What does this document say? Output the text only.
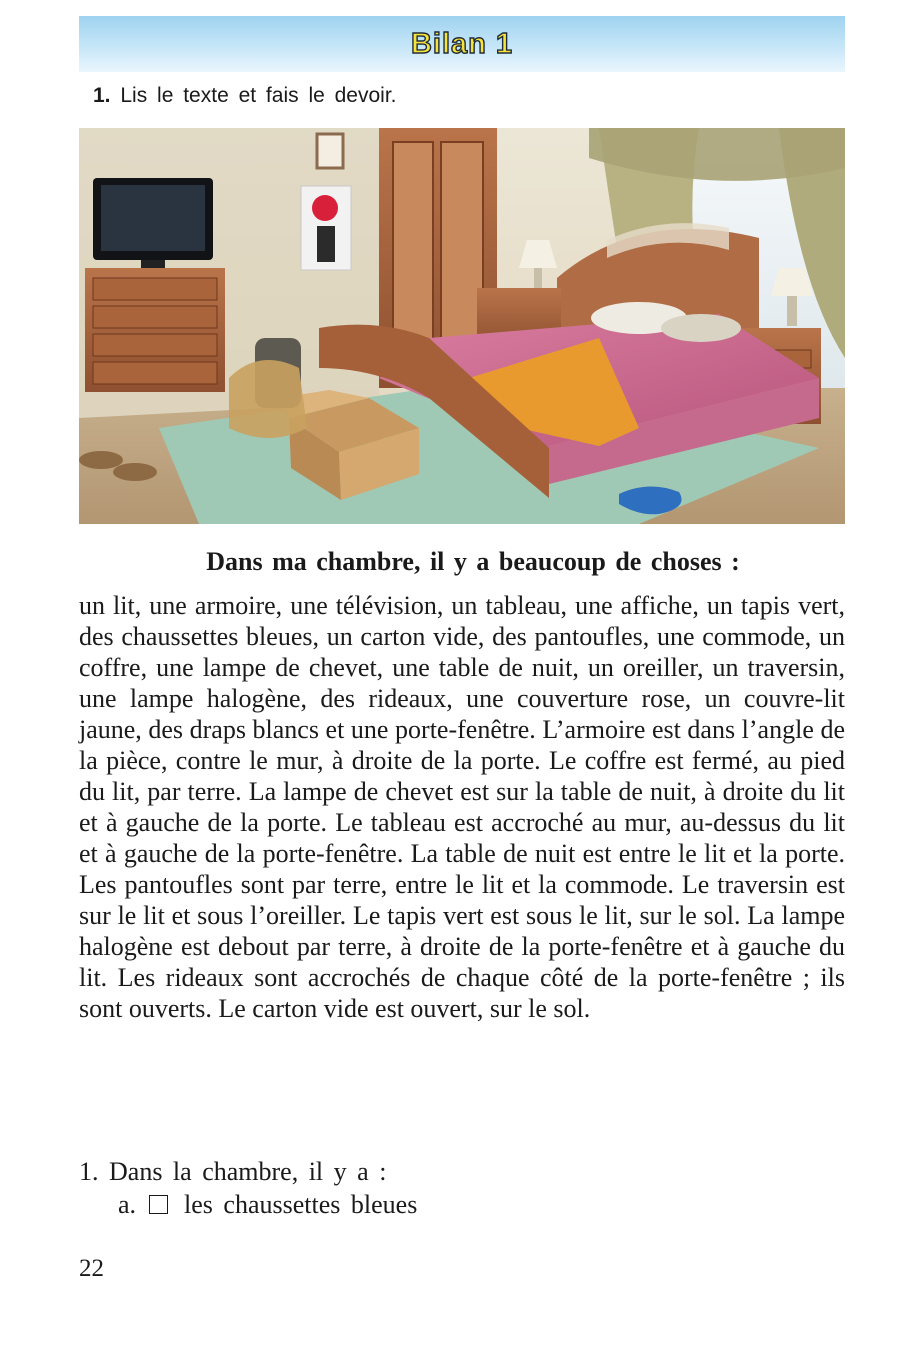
Bilan 1
1. Lis le texte et fais le devoir.
Dans ma chambre, il y a beaucoup de choses :
un lit, une armoire, une télévision, un tableau, une affiche, un tapis vert, des chaussettes bleues, un carton vide, des pantoufles, une commode, un coffre, une lampe de chevet, une table de nuit, un oreiller, un traversin, une lampe halogène, des rideaux, une couverture rose, un couvre-lit jaune, des draps blancs et une porte-fenêtre. L’armoire est dans l’angle de la pièce, contre le mur, à droite de la porte. Le coffre est fermé, au pied du lit, par terre. La lampe de chevet est sur la table de nuit, à droite du lit et à gauche de la porte. Le tableau est accroché au mur, au-dessus du lit et à gauche de la porte-fenêtre. La table de nuit est entre le lit et la porte. Les pantoufles sont par terre, entre le lit et la commode. Le traversin est sur le lit et sous l’oreiller. Le tapis vert est sous le lit, sur le sol. La lampe halogène est debout par terre, à droite de la porte-fenêtre et à gauche du lit. Les rideaux sont accrochés de chaque côté de la porte-fenêtre ; ils sont ouverts. Le carton vide est ouvert, sur le sol.
1. Dans la chambre, il y a :
a. les chaussettes bleues
22
